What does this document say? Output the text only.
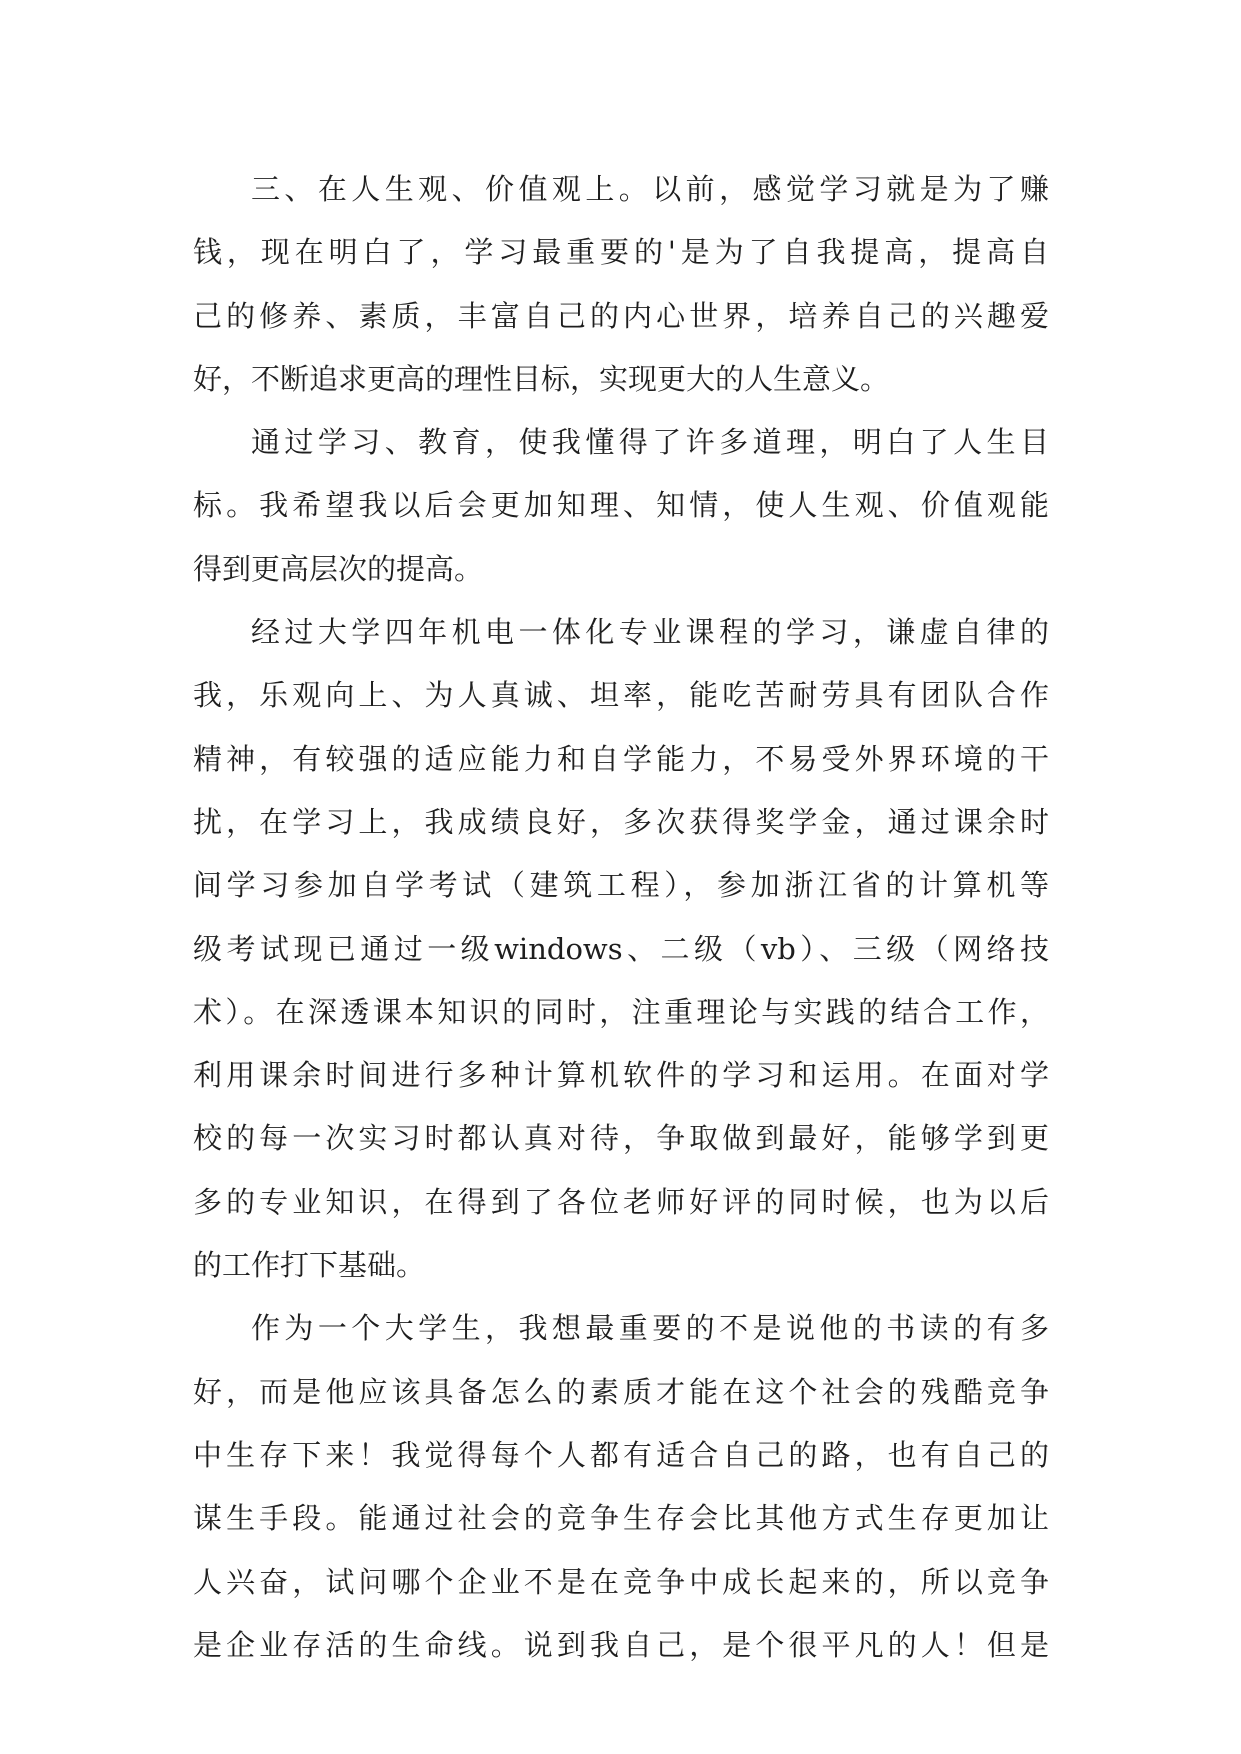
三、在人生观、价值观上。以前，感觉学习就是为了赚
钱，现在明白了，学习最重要的'是为了自我提高，提高自
己的修养、素质，丰富自己的内心世界，培养自己的兴趣爱
好，不断追求更高的理性目标，实现更大的人生意义。
通过学习、教育，使我懂得了许多道理，明白了人生目
标。我希望我以后会更加知理、知情，使人生观、价值观能
得到更高层次的提高。
经过大学四年机电一体化专业课程的学习，谦虚自律的
我，乐观向上、为人真诚、坦率，能吃苦耐劳具有团队合作
精神，有较强的适应能力和自学能力，不易受外界环境的干
扰，在学习上，我成绩良好，多次获得奖学金，通过课余时
间学习参加自学考试（建筑工程），参加浙江省的计算机等
级考试现已通过一级windows、二级（vb）、三级（网络技
术）。在深透课本知识的同时，注重理论与实践的结合工作，
利用课余时间进行多种计算机软件的学习和运用。在面对学
校的每一次实习时都认真对待，争取做到最好，能够学到更
多的专业知识，在得到了各位老师好评的同时候，也为以后
的工作打下基础。
作为一个大学生，我想最重要的不是说他的书读的有多
好，而是他应该具备怎么的素质才能在这个社会的残酷竞争
中生存下来！我觉得每个人都有适合自己的路，也有自己的
谋生手段。能通过社会的竞争生存会比其他方式生存更加让
人兴奋，试问哪个企业不是在竞争中成长起来的，所以竞争
是企业存活的生命线。说到我自己，是个很平凡的人！但是
